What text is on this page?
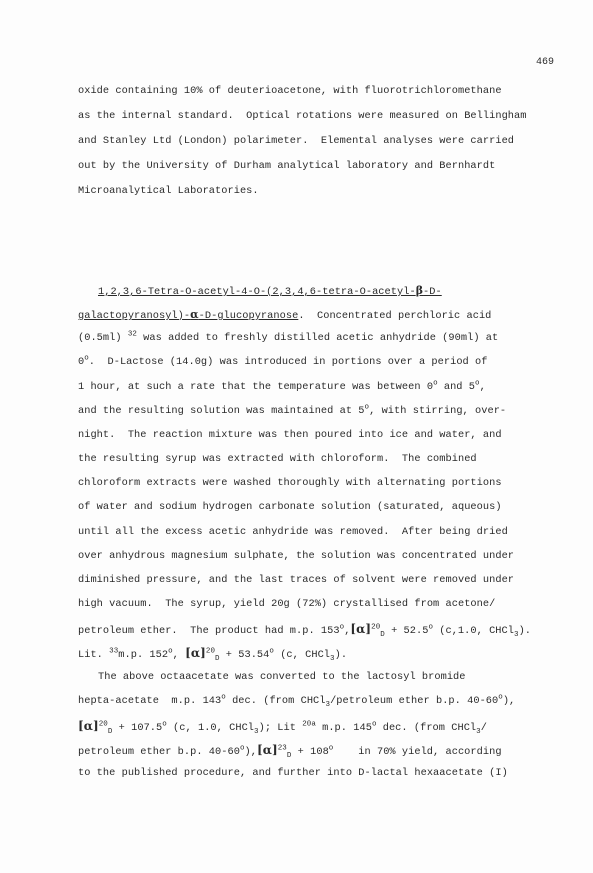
469
oxide containing 10% of deuterioacetone, with fluorotrichloromethane
as the internal standard.  Optical rotations were measured on Bellingham
and Stanley Ltd (London) polarimeter.  Elemental analyses were carried
out by the University of Durham analytical laboratory and Bernhardt
Microanalytical Laboratories.
1,2,3,6-Tetra-O-acetyl-4-O-(2,3,4,6-tetra-O-acetyl-β-D-
galactopyranosyl)-α-D-glucopyranose.  Concentrated perchloric acid
(0.5ml) $^{32}$ was added to freshly distilled acetic anhydride (90ml) at
0$^o$.  D-Lactose (14.0g) was introduced in portions over a period of
1 hour, at such a rate that the temperature was between 0$^o$ and 5$^o$,
and the resulting solution was maintained at 5$^o$, with stirring, over-
night.  The reaction mixture was then poured into ice and water, and
the resulting syrup was extracted with chloroform.  The combined
chloroform extracts were washed thoroughly with alternating portions
of water and sodium hydrogen carbonate solution (saturated, aqueous)
until all the excess acetic anhydride was removed.  After being dried
over anhydrous magnesium sulphate, the solution was concentrated under
diminished pressure, and the last traces of solvent were removed under
high vacuum.  The syrup, yield 20g (72%) crystallised from acetone/
petroleum ether.  The product had m.p. $153^o,[\alpha]^{20}_D + 52.5^o$ (c,1.0, CHCl$_3$).
Lit. $^{33}$m.p. 152$^o$, $[\alpha]^{20}_D + 53.54^o$ (c, CHCl$_3$).
The above octaacetate was converted to the lactosyl bromide
hepta-acetate  m.p. 143$^o$ dec. (from CHCl$_3$/petroleum ether b.p. 40-60$^o$),
$[\alpha]^{20}_D + 107.5^o$ (c, 1.0, CHCl$_3$); Lit $^{20a}$ m.p. 145$^o$ dec. (from CHCl$_3$/
petroleum ether b.p. $40-60^o),[\alpha]^{23}_D + 108^o$    in 70% yield, according
to the published procedure, and further into D-lactal hexaacetate (I)
